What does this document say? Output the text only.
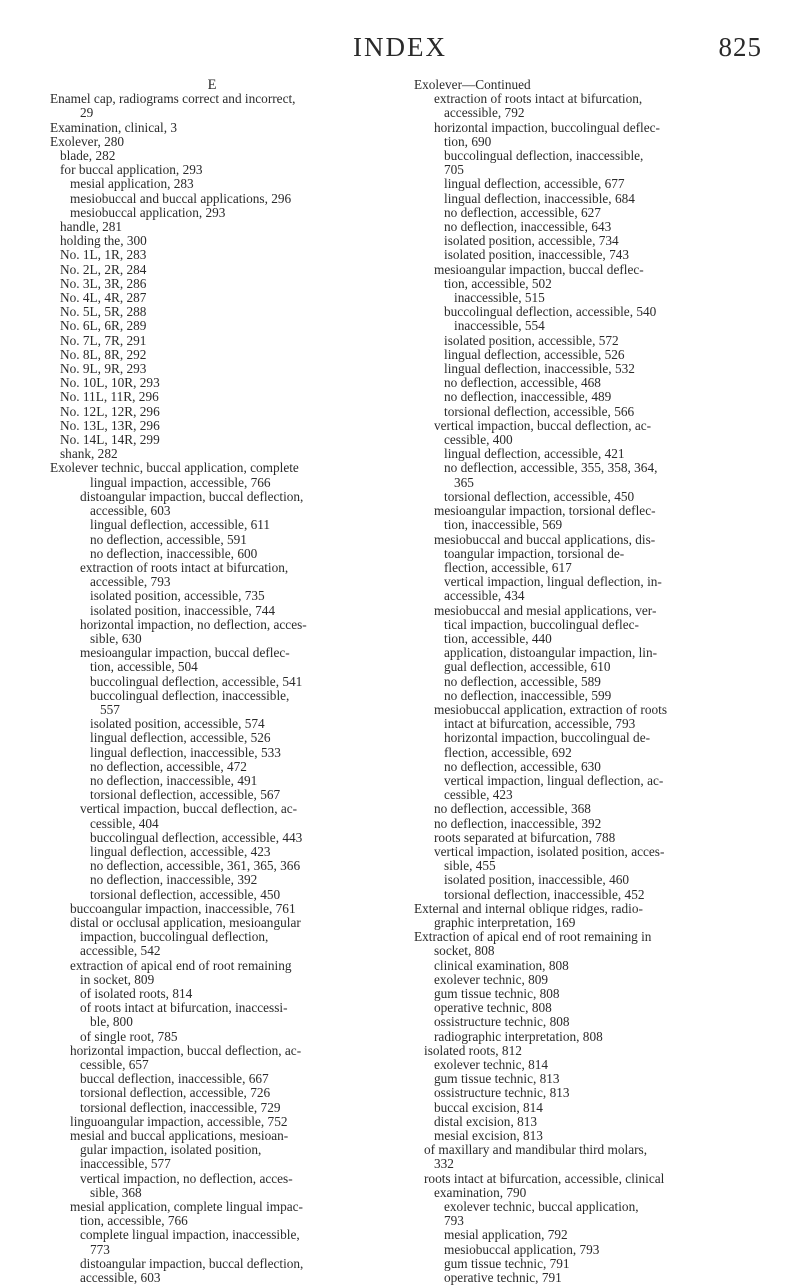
INDEX	825
E
Enamel cap, radiograms correct and incorrect,
29
Examination, clinical, 3
Exolever, 280
blade, 282
for buccal application, 293
mesial application, 283
mesiobuccal and buccal applications, 296
mesiobuccal application, 293
handle, 281
holding the, 300
No. 1L, 1R, 283
No. 2L, 2R, 284
No. 3L, 3R, 286
No. 4L, 4R, 287
No. 5L, 5R, 288
No. 6L, 6R, 289
No. 7L, 7R, 291
No. 8L, 8R, 292
No. 9L, 9R, 293
No. 10L, 10R, 293
No. 11L, 11R, 296
No. 12L, 12R, 296
No. 13L, 13R, 296
No. 14L, 14R, 299
shank, 282
Exolever technic, buccal application, complete
lingual impaction, accessible, 766
distoangular impaction, buccal deflection,
accessible, 603
lingual deflection, accessible, 611
no deflection, accessible, 591
no deflection, inaccessible, 600
extraction of roots intact at bifurcation,
accessible, 793
isolated position, accessible, 735
isolated position, inaccessible, 744
horizontal impaction, no deflection, acces-
sible, 630
mesioangular impaction, buccal deflec-
tion, accessible, 504
buccolingual deflection, accessible, 541
buccolingual deflection, inaccessible,
557
isolated position, accessible, 574
lingual deflection, accessible, 526
lingual deflection, inaccessible, 533
no deflection, accessible, 472
no deflection, inaccessible, 491
torsional deflection, accessible, 567
vertical impaction, buccal deflection, ac-
cessible, 404
buccolingual deflection, accessible, 443
lingual deflection, accessible, 423
no deflection, accessible, 361, 365, 366
no deflection, inaccessible, 392
torsional deflection, accessible, 450
buccoangular impaction, inaccessible, 761
distal or occlusal application, mesioangular
impaction, buccolingual deflection,
accessible, 542
extraction of apical end of root remaining
in socket, 809
of isolated roots, 814
of roots intact at bifurcation, inaccessi-
ble, 800
of single root, 785
horizontal impaction, buccal deflection, ac-
cessible, 657
buccal deflection, inaccessible, 667
torsional deflection, accessible, 726
torsional deflection, inaccessible, 729
linguoangular impaction, accessible, 752
mesial and buccal applications, mesioan-
gular impaction, isolated position,
inaccessible, 577
vertical impaction, no deflection, acces-
sible, 368
mesial application, complete lingual impac-
tion, accessible, 766
complete lingual impaction, inaccessible,
773
distoangular impaction, buccal deflection,
accessible, 603
Exolever—Continued
extraction of roots intact at bifurcation,
accessible, 792
horizontal impaction, buccolingual deflec-
tion, 690
buccolingual deflection, inaccessible,
705
lingual deflection, accessible, 677
lingual deflection, inaccessible, 684
no deflection, accessible, 627
no deflection, inaccessible, 643
isolated position, accessible, 734
isolated position, inaccessible, 743
mesioangular impaction, buccal deflec-
tion, accessible, 502
inaccessible, 515
buccolingual deflection, accessible, 540
inaccessible, 554
isolated position, accessible, 572
lingual deflection, accessible, 526
lingual deflection, inaccessible, 532
no deflection, accessible, 468
no deflection, inaccessible, 489
torsional deflection, accessible, 566
vertical impaction, buccal deflection, ac-
cessible, 400
lingual deflection, accessible, 421
no deflection, accessible, 355, 358, 364,
365
torsional deflection, accessible, 450
mesioangular impaction, torsional deflec-
tion, inaccessible, 569
mesiobuccal and buccal applications, dis-
toangular impaction, torsional de-
flection, accessible, 617
vertical impaction, lingual deflection, in-
accessible, 434
mesiobuccal and mesial applications, ver-
tical impaction, buccolingual deflec-
tion, accessible, 440
application, distoangular impaction, lin-
gual deflection, accessible, 610
no deflection, accessible, 589
no deflection, inaccessible, 599
mesiobuccal application, extraction of roots
intact at bifurcation, accessible, 793
horizontal impaction, buccolingual de-
flection, accessible, 692
no deflection, accessible, 630
vertical impaction, lingual deflection, ac-
cessible, 423
no deflection, accessible, 368
no deflection, inaccessible, 392
roots separated at bifurcation, 788
vertical impaction, isolated position, acces-
sible, 455
isolated position, inaccessible, 460
torsional deflection, inaccessible, 452
External and internal oblique ridges, radio-
graphic interpretation, 169
Extraction of apical end of root remaining in
socket, 808
clinical examination, 808
exolever technic, 809
gum tissue technic, 808
operative technic, 808
ossistructure technic, 808
radiographic interpretation, 808
isolated roots, 812
exolever technic, 814
gum tissue technic, 813
ossistructure technic, 813
buccal excision, 814
distal excision, 813
mesial excision, 813
of maxillary and mandibular third molars,
332
roots intact at bifurcation, accessible, clinical
examination, 790
exolever technic, buccal application,
793
mesial application, 792
mesiobuccal application, 793
gum tissue technic, 791
operative technic, 791
